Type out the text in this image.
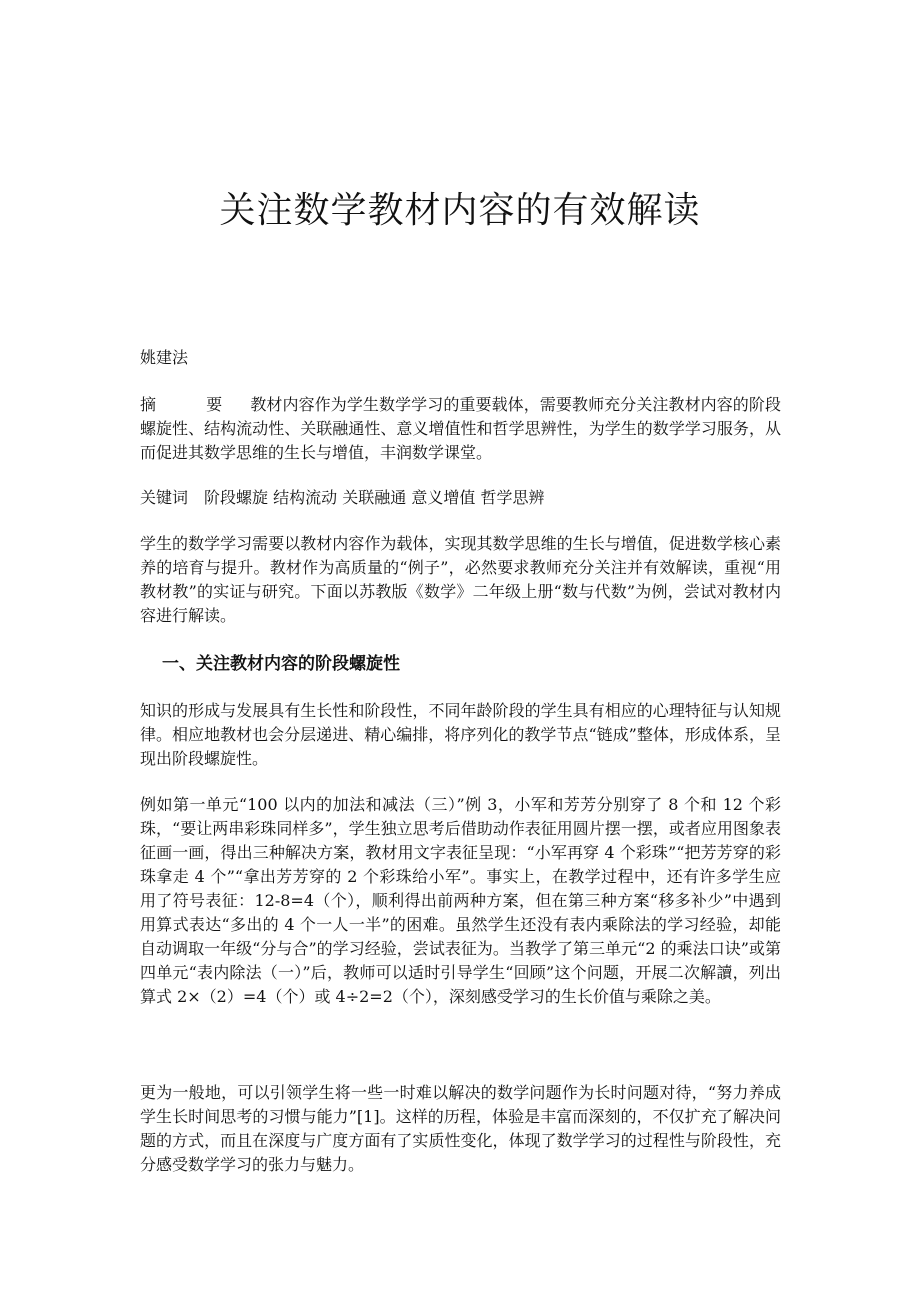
关注数学教材内容的有效解读

姚建法

摘	要 教材内容作为学生数学学习的重要载体，需要教师充分关注教材内容的阶段螺旋性、结构流动性、关联融通性、意义增值性和哲学思辨性，为学生的数学学习服务，从而促进其数学思维的生长与增值，丰润数学课堂。

关键词 阶段螺旋 结构流动 关联融通 意义增值 哲学思辨

学生的数学学习需要以教材内容作为载体，实现其数学思维的生长与增值，促进数学核心素养的培育与提升。教材作为高质量的“例子”，必然要求教师充分关注并有效解读，重视“用教材教”的实证与研究。下面以苏教版《数学》二年级上册“数与代数”为例，尝试对教材内容进行解读。

一、关注教材内容的阶段螺旋性

知识的形成与发展具有生长性和阶段性，不同年龄阶段的学生具有相应的心理特征与认知规律。相应地教材也会分层递进、精心编排，将序列化的教学节点“链成”整体，形成体系，呈现出阶段螺旋性。

例如第一单元“100 以内的加法和减法（三）”例 3，小军和芳芳分别穿了 8 个和 12 个彩珠，“要让两串彩珠同样多”，学生独立思考后借助动作表征用圆片摆一摆，或者应用图象表征画一画，得出三种解决方案，教材用文字表征呈现：“小军再穿 4 个彩珠”“把芳芳穿的彩珠拿走 4 个”“拿出芳芳穿的 2 个彩珠给小军”。事实上，在教学过程中，还有许多学生应用了符号表征：12-8=4（个），顺利得出前两种方案，但在第三种方案“移多补少”中遇到用算式表达“多出的 4 个一人一半”的困难。虽然学生还没有表内乘除法的学习经验，却能自动调取一年级“分与合”的学习经验，尝试表征为。当教学了第三单元“2 的乘法口诀”或第四单元“表内除法（一）”后，教师可以适时引导学生“回顾”这个问题，开展二次解讀，列出算式 2×（2）=4（个）或 4÷2=2（个），深刻感受学习的生长价值与乘除之美。

更为一般地，可以引领学生将一些一时难以解决的数学问题作为长时问题对待，“努力养成学生长时间思考的习惯与能力”[1]。这样的历程，体验是丰富而深刻的，不仅扩充了解决问题的方式，而且在深度与广度方面有了实质性变化，体现了数学学习的过程性与阶段性，充分感受数学学习的张力与魅力。
